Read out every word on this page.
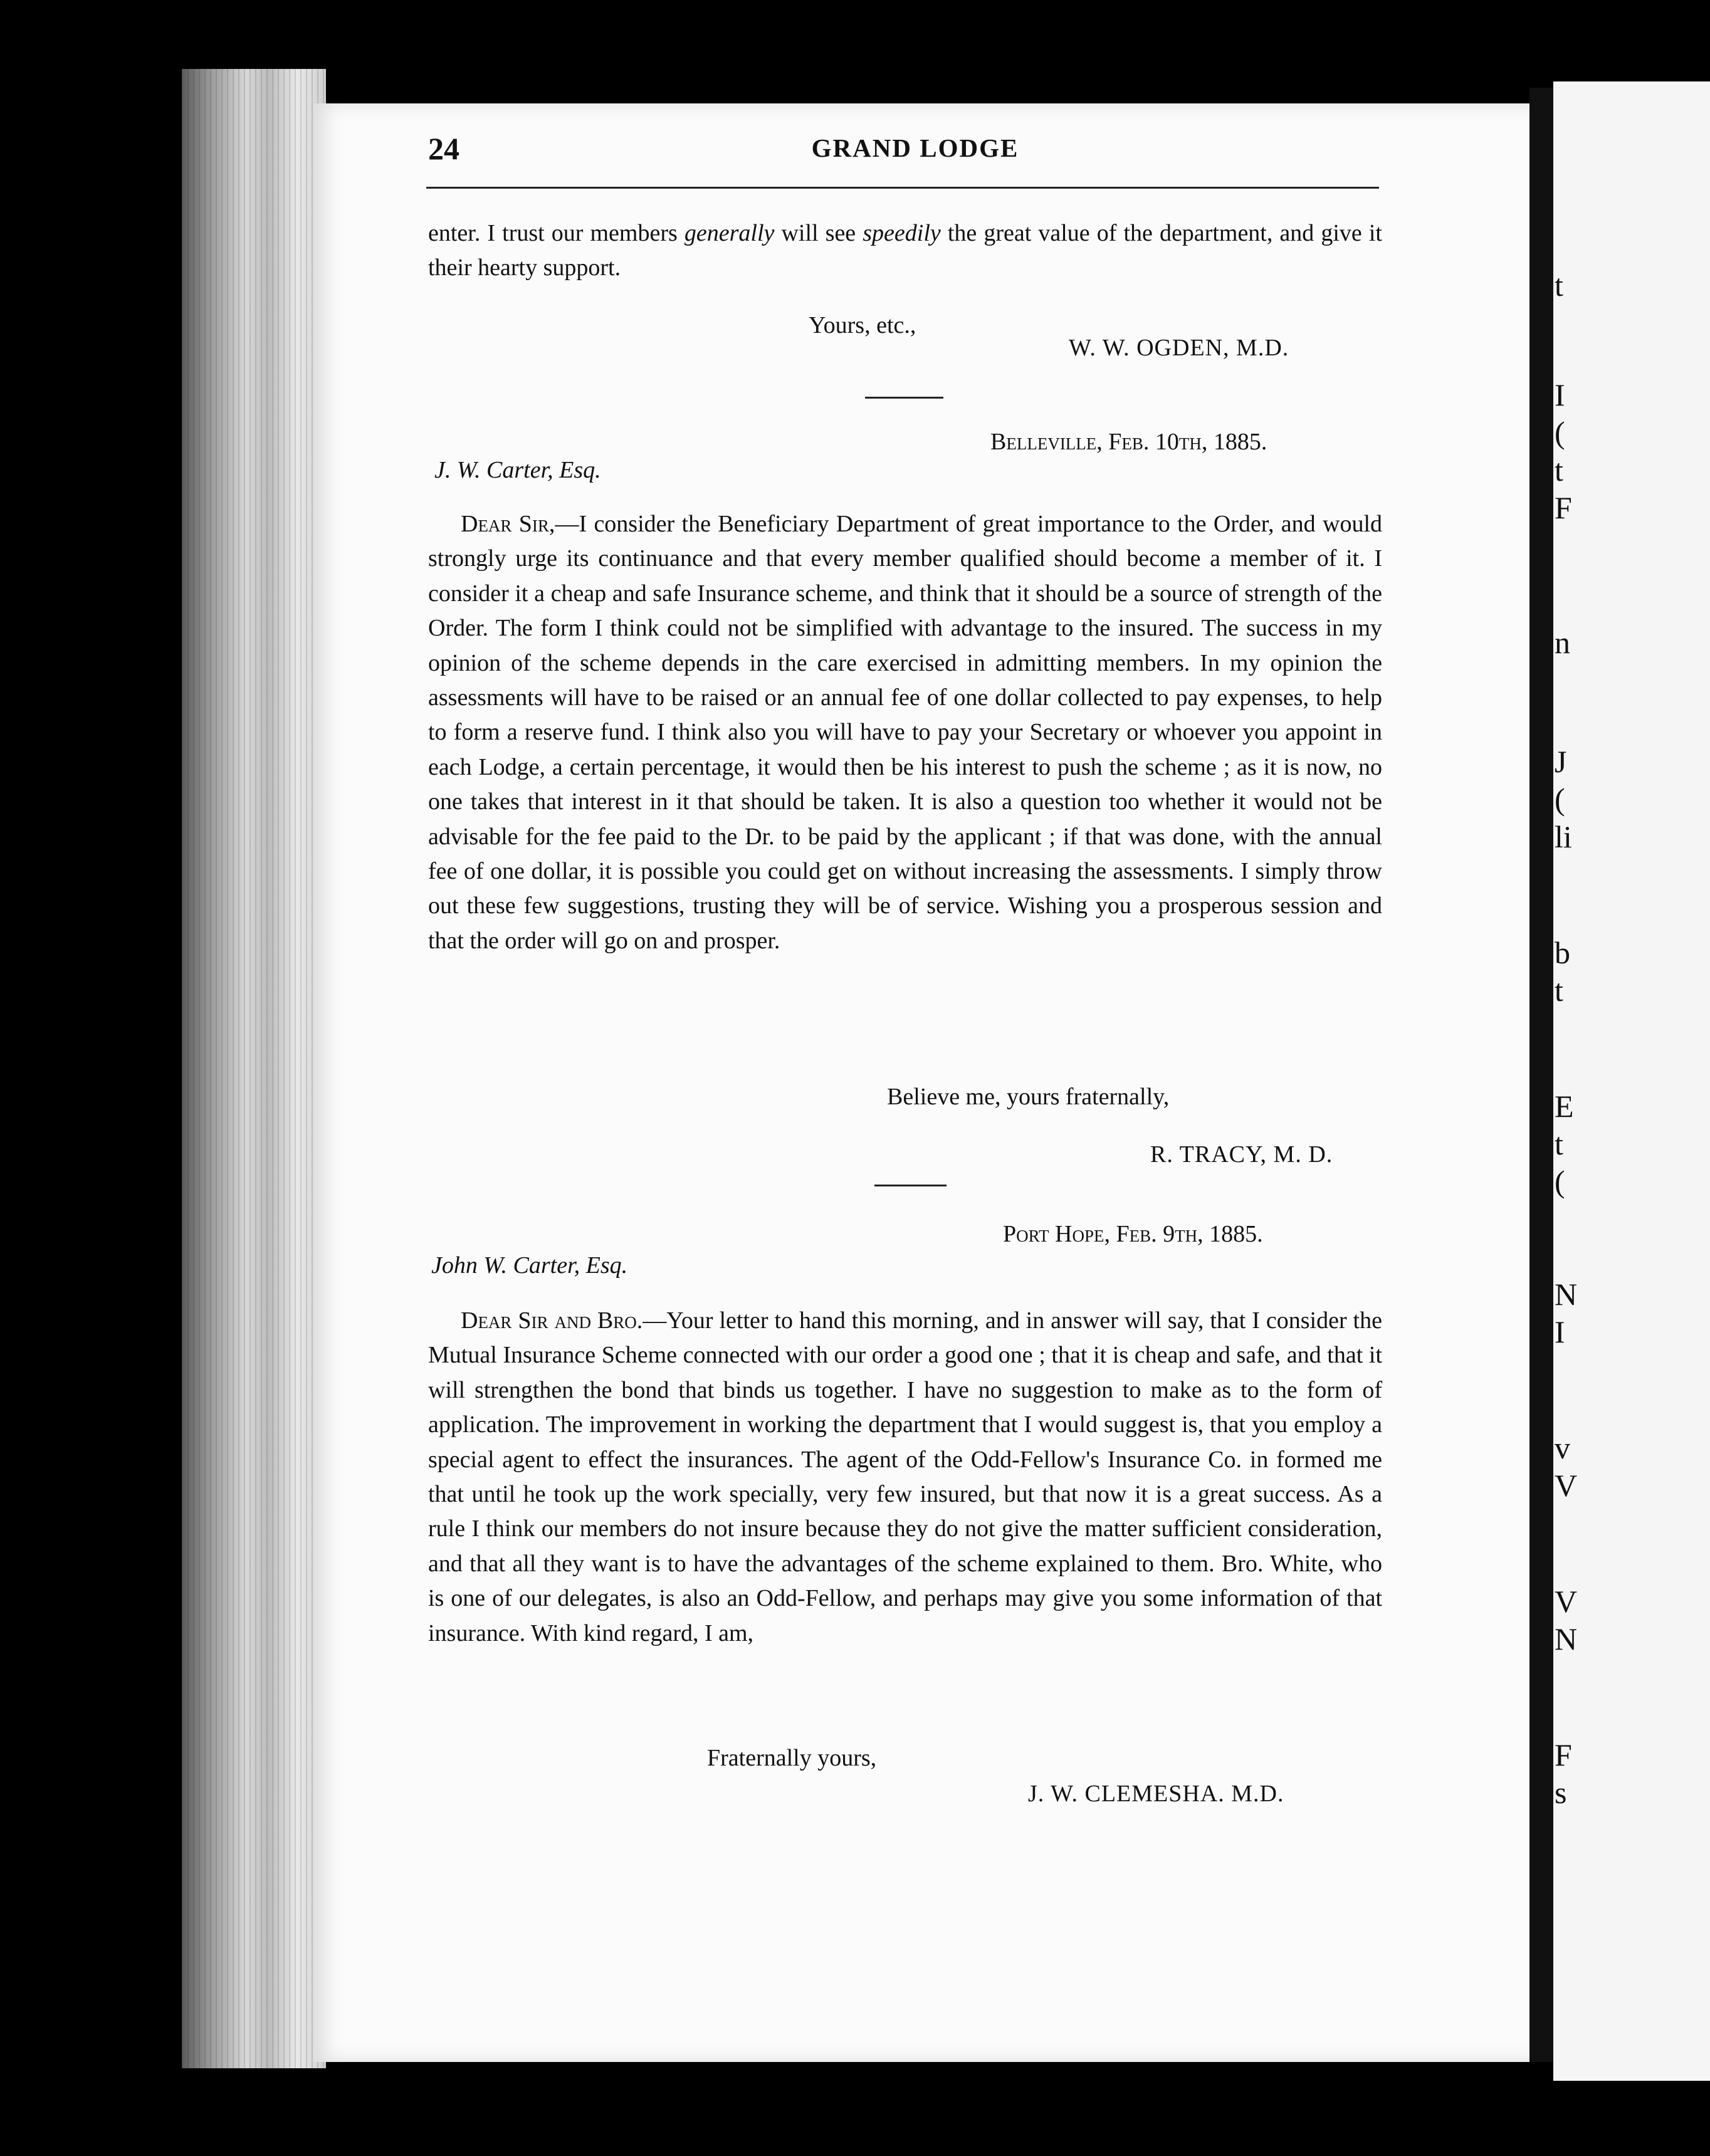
t
I
(
t
F
n
J
(
li
b
t
E
t
(
N
I
v
V
V
N
F
s
24	GRAND LODGE
enter. I trust our members generally will see speedily the great value of the department, and give it their hearty support.
Yours, etc.,
W. W. OGDEN, M.D.
Belleville, Feb. 10th, 1885.
J. W. Carter, Esq.
Dear Sir,—I consider the Beneficiary Department of great importance to the Order, and would strongly urge its continuance and that every member qualified should become a member of it. I consider it a cheap and safe Insurance scheme, and think that it should be a source of strength of the Order. The form I think could not be simplified with advantage to the insured. The success in my opinion of the scheme depends in the care exercised in admitting members. In my opinion the assessments will have to be raised or an annual fee of one dollar collected to pay expenses, to help to form a reserve fund. I think also you will have to pay your Secretary or whoever you appoint in each Lodge, a certain percentage, it would then be his interest to push the scheme ; as it is now, no one takes that interest in it that should be taken. It is also a question too whether it would not be advisable for the fee paid to the Dr. to be paid by the applicant ; if that was done, with the annual fee of one dollar, it is possible you could get on without increasing the assessments. I simply throw out these few suggestions, trusting they will be of service. Wishing you a prosperous session and that the order will go on and prosper.
Believe me, yours fraternally,
R. TRACY, M. D.
Port Hope, Feb. 9th, 1885.
John W. Carter, Esq.
Dear Sir and Bro.—Your letter to hand this morning, and in answer will say, that I consider the Mutual Insurance Scheme connected with our order a good one ; that it is cheap and safe, and that it will strengthen the bond that binds us together. I have no suggestion to make as to the form of application. The improvement in working the department that I would suggest is, that you employ a special agent to effect the insurances. The agent of the Odd-Fellow's Insurance Co. in formed me that until he took up the work specially, very few insured, but that now it is a great success. As a rule I think our members do not insure because they do not give the matter sufficient consideration, and that all they want is to have the advantages of the scheme explained to them. Bro. White, who is one of our delegates, is also an Odd-Fellow, and perhaps may give you some information of that insurance. With kind regard, I am,
Fraternally yours,
J. W. CLEMESHA. M.D.
